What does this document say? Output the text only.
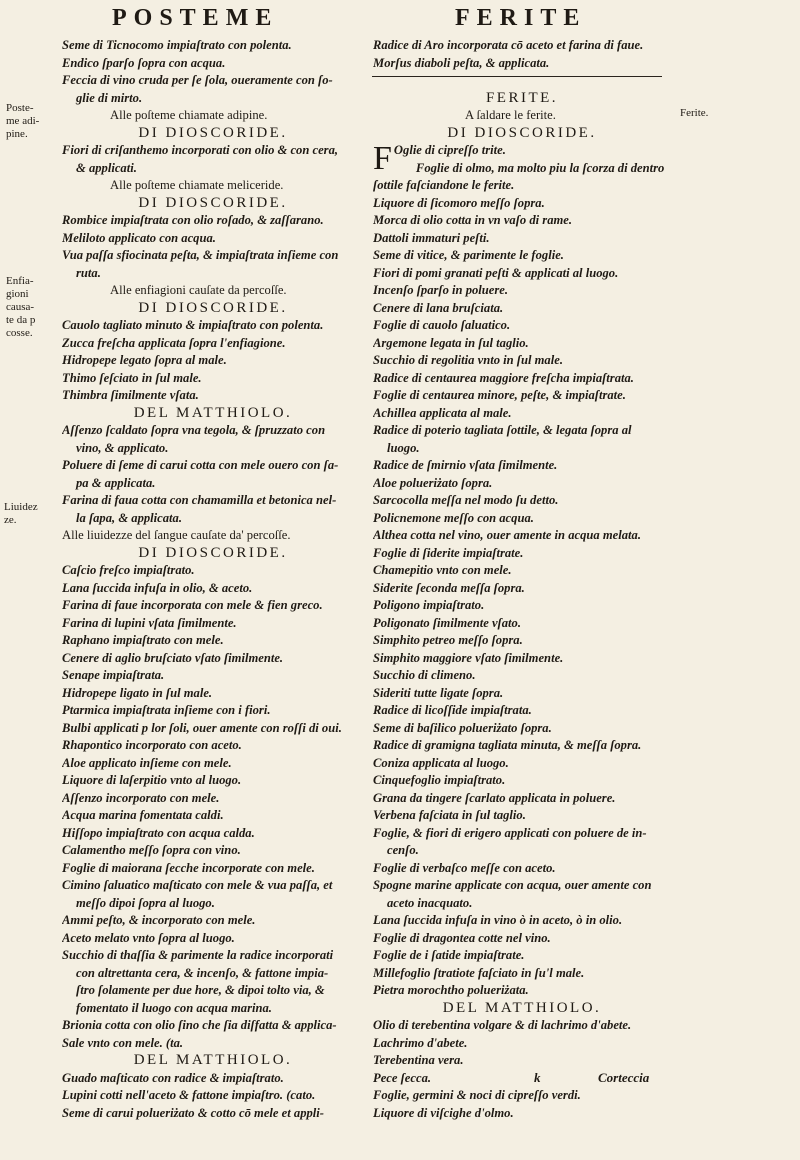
POSTEME	FERITE
Poste-
me adi-
pine.
Enfia-
gioni
causa-
te da p
cosse.
Liuidez
ze.
Ferite.
Seme di Ticnocomo impiaſtrato con polenta.
Endico ſparſo ſopra con acqua.
Feccia di vino cruda per ſe ſola, oueramente con ſo-
glie di mirto.
Alle poſteme chiamate adipine.
DI DIOSCORIDE.
Fiori di criſanthemo incorporati con olio & con cera,
& applicati.
Alle poſteme chiamate meliceride.
DI DIOSCORIDE.
Rombice impiaſtrata con olio roſado, & zaſſarano.
Meliloto applicato con acqua.
Vua paſſa sfiocinata peſta, & impiaſtrata inſieme con
ruta.
Alle enfiagioni cauſate da percoſſe.
DI DIOSCORIDE.
Cauolo tagliato minuto & impiaſtrato con polenta.
Zucca freſcha applicata ſopra l'enfiagione.
Hidropepe legato ſopra al male.
Thimo ſeſciato in ſul male.
Thimbra ſimilmente vſata.
DEL MATTHIOLO.
Aſſenzo ſcaldato ſopra vna tegola, & ſpruzzato con
vino, & applicato.
Poluere di ſeme di carui cotta con mele ouero con ſa-
pa & applicata.
Farina di faua cotta con chamamilla et betonica nel-
la ſapa, & applicata.
Alle liuidezze del ſangue cauſate da' percoſſe.
DI DIOSCORIDE.
Caſcio freſco impiaſtrato.
Lana ſuccida infuſa in olio, & aceto.
Farina di faue incorporata con mele & fien greco.
Farina di lupini vſata ſimilmente.
Raphano impiaſtrato con mele.
Cenere di aglio bruſciato vſato ſimilmente.
Senape impiaſtrata.
Hidropepe ligato in ſul male.
Ptarmica impiaſtrata inſieme con i fiori.
Bulbi applicati p lor ſoli, ouer amente con roſſi di oui.
Rhapontico incorporato con aceto.
Aloe applicato inſieme con mele.
Liquore di laſerpitio vnto al luogo.
Aſſenzo incorporato con mele.
Acqua marina fomentata caldi.
Hiſſopo impiaſtrato con acqua calda.
Calamentho meſſo ſopra con vino.
Foglie di maiorana ſecche incorporate con mele.
Cimino ſaluatico maſticato con mele & vua paſſa, et
meſſo dipoi ſopra al luogo.
Ammi peſto, & incorporato con mele.
Aceto melato vnto ſopra al luogo.
Succhio di thaſſia & parimente la radice incorporati
con altrettanta cera, & incenſo, & fattone impia-
ſtro ſolamente per due hore, & dipoi tolto via, &
fomentato il luogo con acqua marina.
Brionia cotta con olio ſino che ſia diſfatta & applica-
Sale vnto con mele. (ta.
DEL MATTHIOLO.
Guado maſticato con radice & impiaſtrato.
Lupini cotti nell'aceto & fattone impiaſtro. (cato.
Seme di carui polueriżato & cotto cō mele et appli-
Radice di Aro incorporata cō aceto et farina di faue.
Morſus diaboli peſta, & applicata.

FERITE.
A ſaldare le ferite.
DI DIOSCORIDE.
F Oglie di cipreſſo trite.
Foglie di olmo, ma molto piu la ſcorza di dentro
ſottile faſciandone le ferite.
Liquore di ſicomoro meſſo ſopra.
Morca di olio cotta in vn vaſo di rame.
Dattoli immaturi peſti.
Seme di vitice, & parimente le foglie.
Fiori di pomi granati peſti & applicati al luogo.
Incenſo ſparſo in poluere.
Cenere di lana bruſciata.
Foglie di cauolo ſaluatico.
Argemone legata in ſul taglio.
Succhio di regolitia vnto in ſul male.
Radice di centaurea maggiore freſcha impiaſtrata.
Foglie di centaurea minore, peſte, & impiaſtrate.
Achillea applicata al male.
Radice di poterio tagliata ſottile, & legata ſopra al
luogo.
Radice de ſmirnio vſata ſimilmente.
Aloe polueriżato ſopra.
Sarcocolla meſſa nel modo ſu detto.
Policnemone meſſo con acqua.
Althea cotta nel vino, ouer amente in acqua melata.
Foglie di ſiderite impiaſtrate.
Chamepitio vnto con mele.
Siderite ſeconda meſſa ſopra.
Poligono impiaſtrato.
Poligonato ſimilmente vſato.
Simphito petreo meſſo ſopra.
Simphito maggiore vſato ſimilmente.
Succhio di climeno.
Sideriti tutte ligate ſopra.
Radice di licoſſide impiaſtrata.
Seme di baſilico polueriżato ſopra.
Radice di gramigna tagliata minuta, & meſſa ſopra.
Coniza applicata al luogo.
Cinquefoglio impiaſtrato.
Grana da tingere ſcarlato applicata in poluere.
Verbena faſciata in ſul taglio.
Foglie, & fiori di erigero applicati con poluere de in-
cenſo.
Foglie di verbaſco meſſe con aceto.
Spogne marine applicate con acqua, ouer amente con
aceto inacquato.
Lana ſuccida infuſa in vino ò in aceto, ò in olio.
Foglie di dragontea cotte nel vino.
Foglie de i ſatide impiaſtrate.
Millefoglio ſtratiote faſciato in ſu'l male.
Pietra morochtho polueriżata.
DEL MATTHIOLO.
Olio di terebentina volgare & di lachrimo d'abete.
Lachrimo d'abete.
Terebentina vera.
Pece ſecca.
Foglie, germini & noci di cipreſſo verdi.
Liquore di viſcighe d'olmo.
k	Corteccia
